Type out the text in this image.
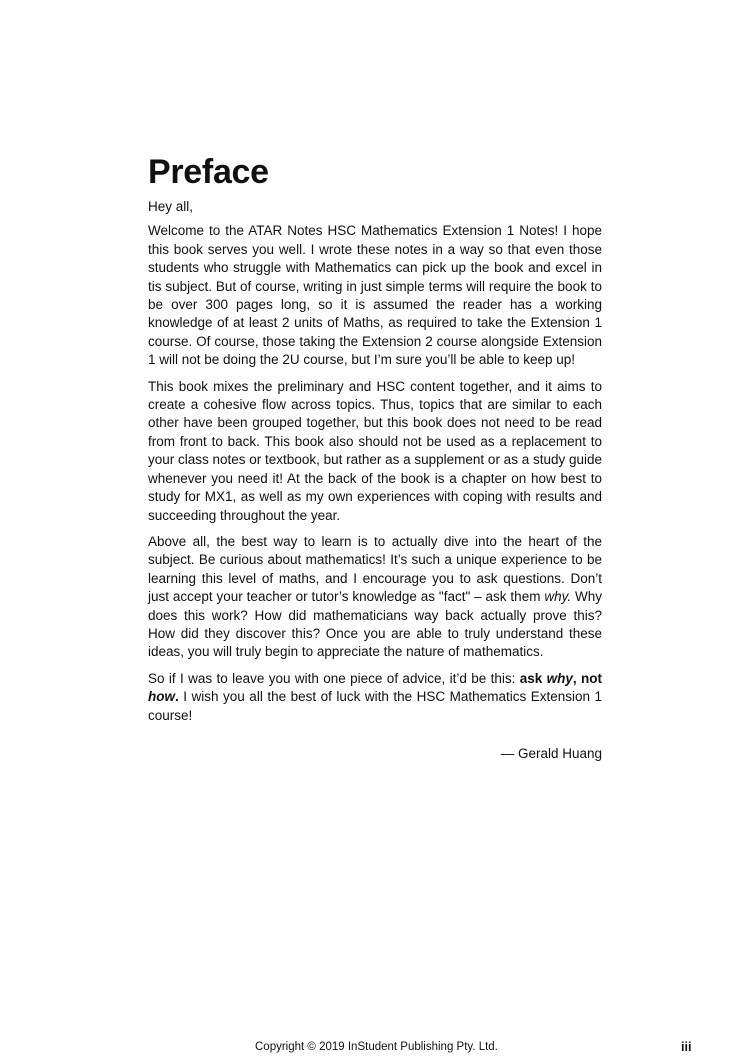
Preface

Hey all,

Welcome to the ATAR Notes HSC Mathematics Extension 1 Notes! I hope this book serves you well. I wrote these notes in a way so that even those students who struggle with Mathematics can pick up the book and excel in tis subject. But of course, writing in just simple terms will require the book to be over 300 pages long, so it is assumed the reader has a working knowledge of at least 2 units of Maths, as required to take the Extension 1 course. Of course, those taking the Extension 2 course alongside Extension 1 will not be doing the 2U course, but I’m sure you’ll be able to keep up!

This book mixes the preliminary and HSC content together, and it aims to create a cohesive flow across topics. Thus, topics that are similar to each other have been grouped together, but this book does not need to be read from front to back. This book also should not be used as a replacement to your class notes or textbook, but rather as a supplement or as a study guide whenever you need it! At the back of the book is a chapter on how best to study for MX1, as well as my own experiences with coping with results and succeeding throughout the year.

Above all, the best way to learn is to actually dive into the heart of the subject. Be curious about mathematics! It’s such a unique experience to be learning this level of maths, and I encourage you to ask questions. Don’t just accept your teacher or tutor’s knowledge as "fact" – ask them why. Why does this work? How did mathematicians way back actually prove this? How did they discover this? Once you are able to truly understand these ideas, you will truly begin to appreciate the nature of mathematics.

So if I was to leave you with one piece of advice, it’d be this: ask why, not how. I wish you all the best of luck with the HSC Mathematics Extension 1 course!

— Gerald Huang
Copyright © 2019 InStudent Publishing Pty. Ltd.	iii
